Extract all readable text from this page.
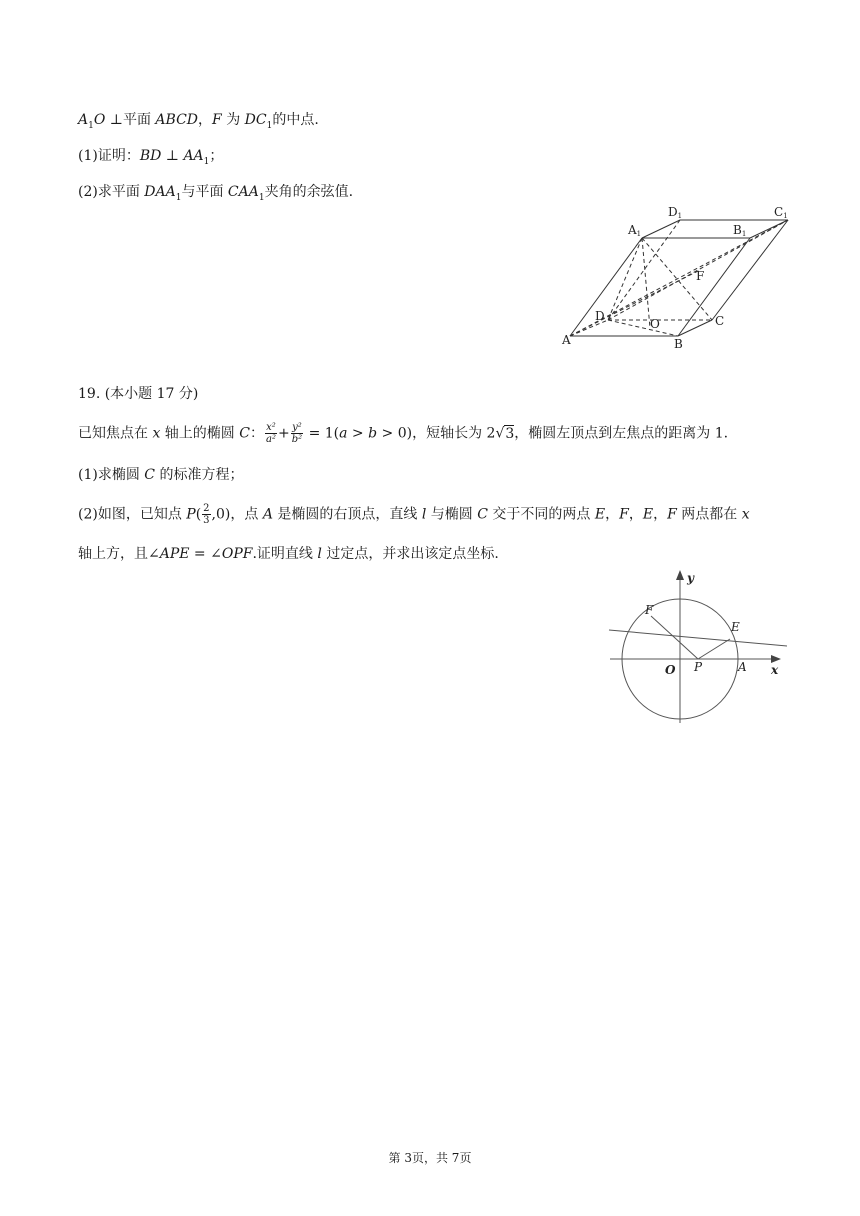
$A_1O$ ⊥平面 ABCD，F 为 $DC_1$的中点.
(1)证明：BD ⊥ $AA_1$；
(2)求平面 $DAA_1$与平面 $CAA_1$夹角的余弦值.
A1
D1
B1
C1
F
D
O	C
A	B
19. (本小题 17 分)
已知焦点在 x 轴上的椭圆 C： $\frac{\text{x²}}{\text{a²}} + \frac{\text{y²}}{\text{b²}} = 1(a > b > 0)$，短轴长为 2√3，椭圆左顶点到左焦点的距离为 1.
(1)求椭圆 C 的标准方程；
(2)如图，已知点 $P( \frac{2}{3} ,0)$，点 A 是椭圆的右顶点，直线 l 与椭圆 C 交于不同的两点 E，F，E，F 两点都在 x
轴上方，且∠APE = ∠OPF.证明直线 l 过定点，并求出该定点坐标.
y
x
O P	A
E
F
第 3页，共 7页
